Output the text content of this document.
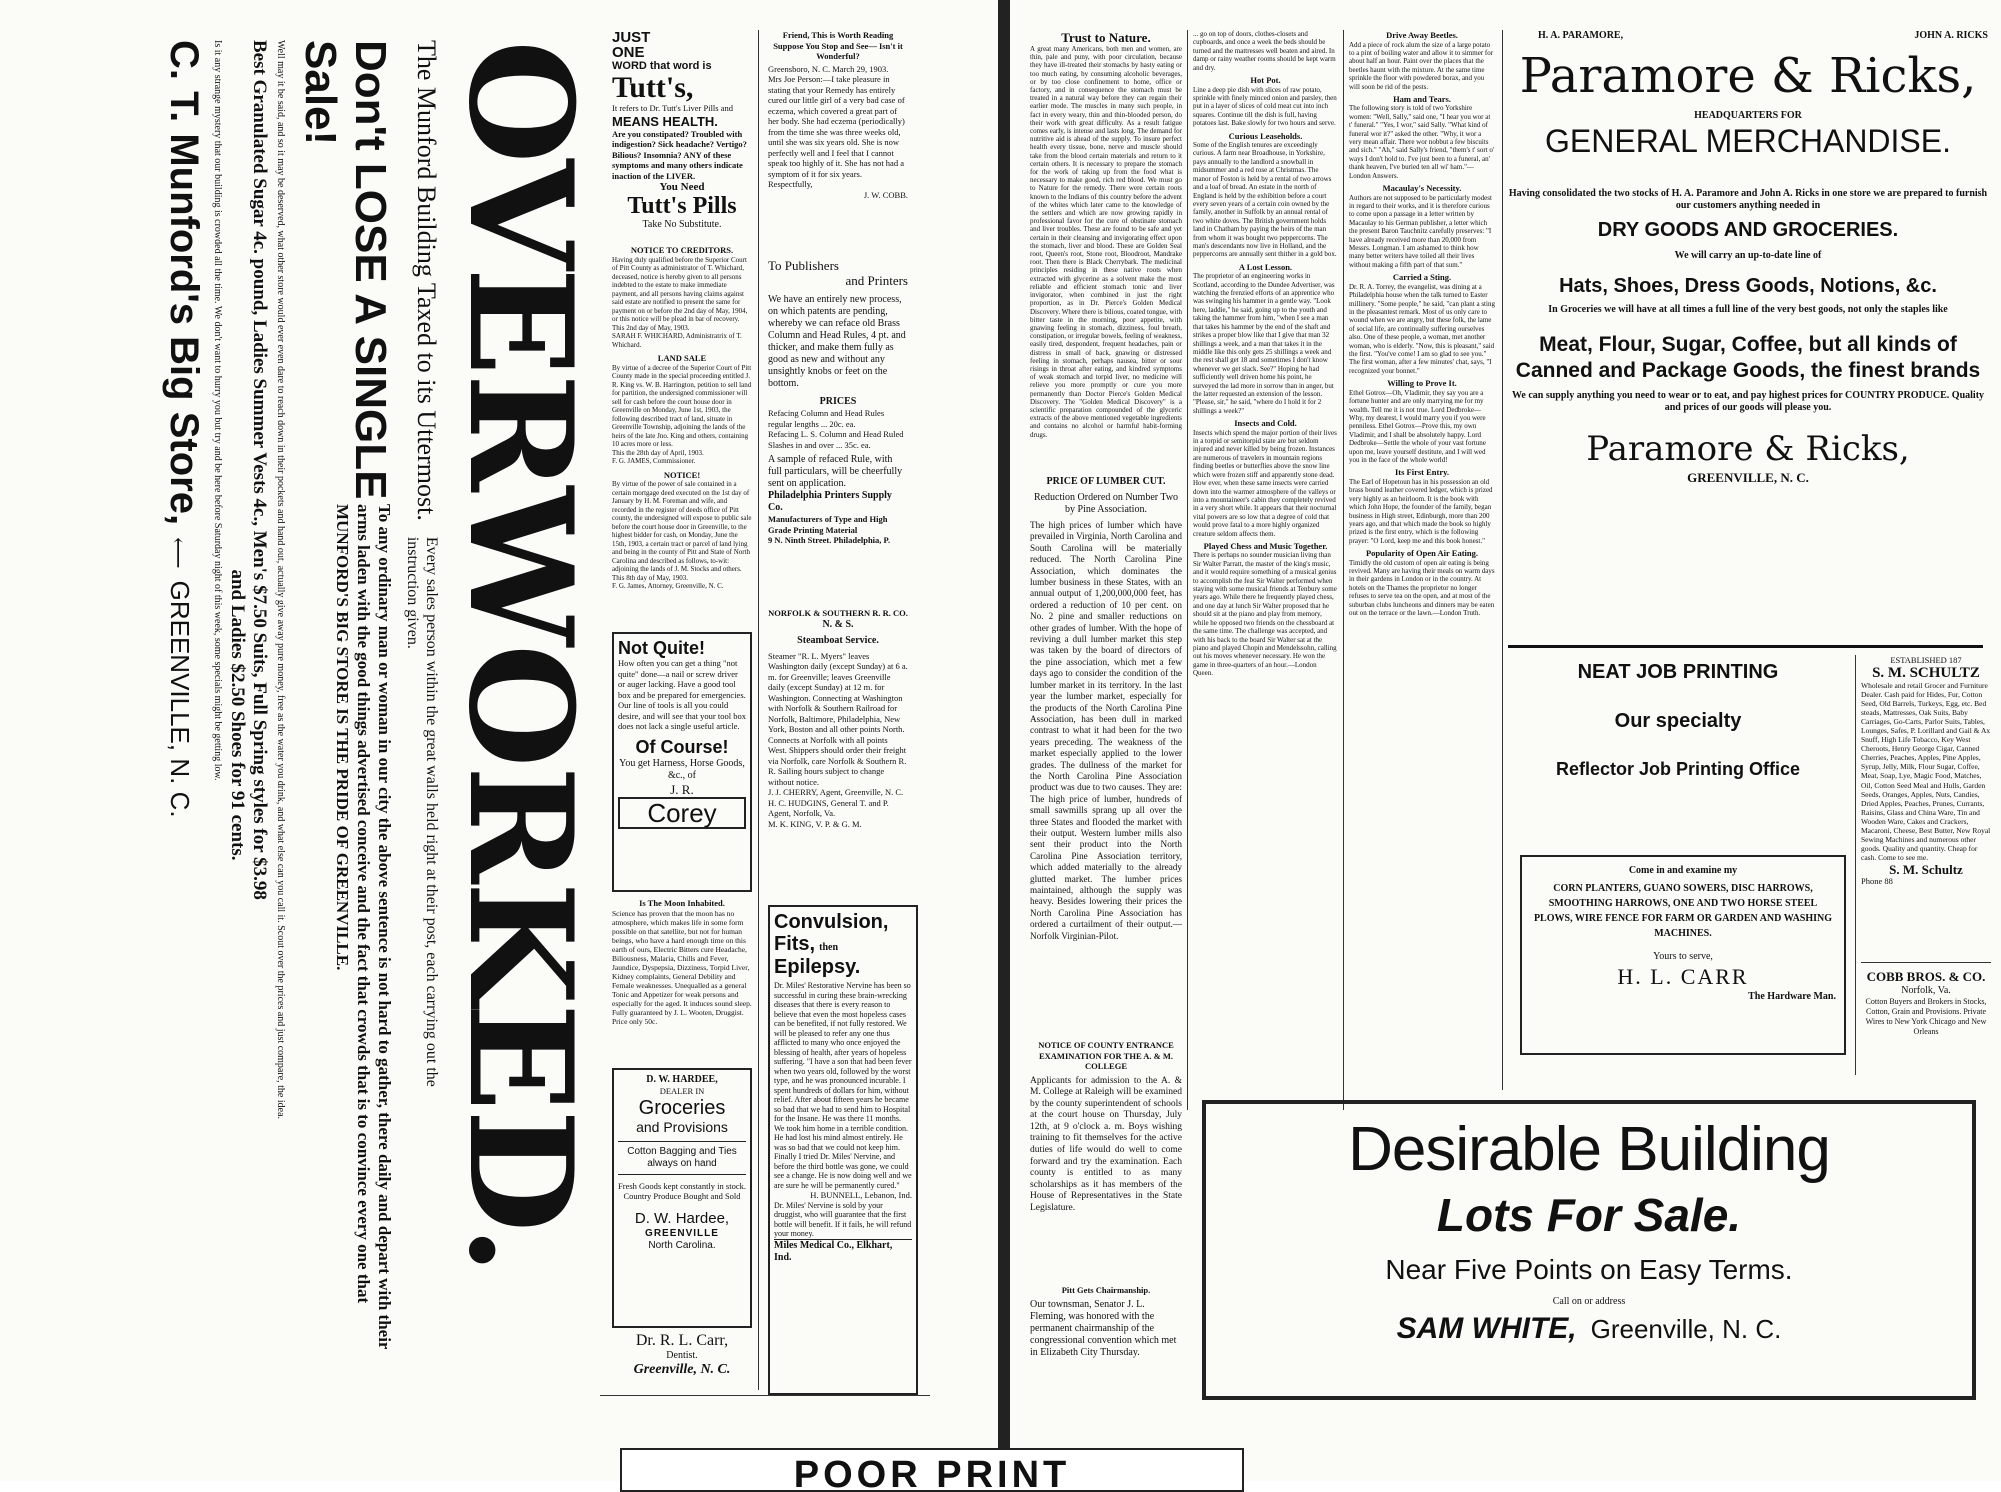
JUST
ONE
WORD that word is
Tutt's,
It refers to Dr. Tutt's Liver Pills and
MEANS HEALTH.
Are you constipated? Troubled with indigestion? Sick headache? Vertigo? Bilious? Insomnia? ANY of these symptoms and many others indicate inaction of the LIVER.
You Need
Tutt's Pills
Take No Substitute.
NOTICE TO CREDITORS.
Having duly qualified before the Superior Court of Pitt County as administrator of T. Whichard, deceased, notice is hereby given to all persons indebted to the estate to make immediate payment, and all persons having claims against said estate are notified to present the same for payment on or before the 2nd day of May, 1904, or this notice will be plead in bar of recovery. This 2nd day of May, 1903.
SARAH F. WHICHARD, Administratrix of T. Whichard.
LAND SALE
By virtue of a decree of the Superior Court of Pitt County made in the special proceeding entitled J. R. King vs. W. B. Harrington, petition to sell land for partition, the undersigned commissioner will sell for cash before the court house door in Greenville on Monday, June 1st, 1903, the following described tract of land, situate in Greenville Township, adjoining the lands of the heirs of the late Jno. King and others, containing 10 acres more or less.
This the 28th day of April, 1903.
F. G. JAMES, Commissioner.
NOTICE!
By virtue of the power of sale contained in a certain mortgage deed executed on the 1st day of January by H. M. Foreman and wife, and recorded in the register of deeds office of Pitt county, the undersigned will expose to public sale before the court house door in Greenville, to the highest bidder for cash, on Monday, June the 15th, 1903, a certain tract or parcel of land lying and being in the county of Pitt and State of North Carolina and described as follows, to-wit: adjoining the lands of J. M. Stocks and others. This 8th day of May, 1903.
F. G. James, Attorney, Greenville, N. C.
Not Quite!
How often you can get a thing "not quite" done—a nail or screw driver or auger lacking. Have a good tool box and be prepared for emergencies. Our line of tools is all you could desire, and will see that your tool box does not lack a single useful article.
Of Course!
You get Harness, Horse Goods, &c., of
J. R.
Corey
Is The Moon Inhabited.
Science has proven that the moon has no atmosphere, which makes life in some form possible on that satellite, but not for human beings, who have a hard enough time on this earth of ours, Electric Bitters cure Headache, Biliousness, Malaria, Chills and Fever, Jaundice, Dyspepsia, Dizziness, Torpid Liver, Kidney complaints, General Debility and Female weaknesses. Unequalled as a general Tonic and Appetizer for weak persons and especially for the aged. It induces sound sleep. Fully guaranteed by J. L. Wooten, Druggist. Price only 50c.
D. W. HARDEE,
DEALER IN
Groceries
and Provisions
Cotton Bagging and Ties always on hand
Fresh Goods kept constantly in stock. Country Produce Bought and Sold
D. W. Hardee,
GREENVILLE
North Carolina.
Dr. R. L. Carr,
Dentist.
Greenville, N. C.
Friend, This is Worth Reading Suppose You Stop and See— Isn't it Wonderful?
Greensboro, N. C. March 29, 1903.
Mrs Joe Person:—I take pleasure in stating that your Remedy has entirely cured our little girl of a very bad case of eczema, which covered a great part of her body. She had eczema (periodically) from the time she was three weeks old, until she was six years old. She is now perfectly well and I feel that I cannot speak too highly of it. She has not had a symptom of it for six years. Respectfully,
J. W. COBB.
To Publishers
and Printers
We have an entirely new process, on which patents are pending, whereby we can reface old Brass Column and Head Rules, 4 pt. and thicker, and make them fully as good as new and without any unsightly knobs or feet on the bottom.
PRICES
Refacing Column and Head Rules regular lengths ... 20c. ea.
Refacing L. S. Column and Head Ruled Slashes in and over ... 35c. ea.
A sample of refaced Rule, with full particulars, will be cheerfully sent on application.
Philadelphia Printers Supply Co.
Manufacturers of Type and High Grade Printing Material
9 N. Ninth Street. Philadelphia, P.
NORFOLK & SOUTHERN R. R. CO.
N. & S.
Steamboat Service.
Steamer "R. L. Myers" leaves Washington daily (except Sunday) at 6 a. m. for Greenville; leaves Greenville daily (except Sunday) at 12 m. for Washington. Connecting at Washington with Norfolk & Southern Railroad for Norfolk, Baltimore, Philadelphia, New York, Boston and all other points North. Connects at Norfolk with all points West. Shippers should order their freight via Norfolk, care Norfolk & Southern R. R. Sailing hours subject to change without notice.
J. J. CHERRY, Agent, Greenville, N. C.
H. C. HUDGINS, General T. and P. Agent, Norfolk, Va.
M. K. KING, V. P. & G. M.
Convulsion,
Fits, then
Epilepsy.
Dr. Miles' Restorative Nervine has been so successful in curing these brain-wrecking diseases that there is every reason to believe that even the most hopeless cases can be benefited, if not fully restored. We will be pleased to refer any one thus afflicted to many who once enjoyed the blessing of health, after years of hopeless suffering. "I have a son that had been fever when two years old, followed by the worst type, and he was pronounced incurable. I spent hundreds of dollars for him, without relief. After about fifteen years he became so bad that we had to send him to Hospital for the Insane. He was there 11 months. We took him home in a terrible condition. He had lost his mind almost entirely. He was so bad that we could not keep him. Finally I tried Dr. Miles' Nervine, and before the third bottle was gone, we could see a change. He is now doing well and we are sure he will be permanently cured."
H. BUNNELL, Lebanon, Ind.
Dr. Miles' Nervine is sold by your druggist, who will guarantee that the first bottle will benefit. If it fails, he will refund your money.
Miles Medical Co., Elkhart, Ind.
OVERWORKED.
The Munford Building Taxed to its Uttermost. Every sales person within the great walls held right at their post, each carrying out the instruction given.
Don't LOSE A SINGLE Sale! To any ordinary man or woman in our city the above sentence is not hard to gather, there daily and depart with their arms laden with the good things advertised conceive and the fact that crowds that is to convince every one that MUNFORD'S BIG STORE IS THE PRIDE OF GREENVILLE.
Well may it be said, and so it may be deserved, what other store would ever even dare to reach down in their pockets and hand out, actually give away pure money, free as the water you drink, and what else can you call it. Scout over the prices and just compare, the idea.
Best Granulated Sugar 4c. pound, Ladies Summer Vests 4c., Men's $7.50 Suits, Full Spring styles for $3.98
and Ladies $2.50 Shoes for 91 cents.
Is it any strange mystery that our building is crowded all the time. We don't want to hurry you but try and be here before Saturday night of this week, some specials might be getting low.
C. T. Munford's Big Store, ⟵ GREENVILLE, N. C.
Trust to Nature.
A great many Americans, both men and women, are thin, pale and puny, with poor circulation, because they have ill-treated their stomachs by hasty eating or too much eating, by consuming alcoholic beverages, or by too close confinement to home, office or factory, and in consequence the stomach must be treated in a natural way before they can regain their earlier mode. The muscles in many such people, in fact in every weary, thin and thin-blooded person, do their work with great difficulty. As a result fatigue comes early, is intense and lasts long. The demand for nutritive aid is ahead of the supply. To insure perfect health every tissue, bone, nerve and muscle should take from the blood certain materials and return to it certain others. It is necessary to prepare the stomach for the work of taking up from the food what is necessary to make good, rich red blood. We must go to Nature for the remedy. There were certain roots known to the Indians of this country before the advent of the whites which later came to the knowledge of the settlers and which are now growing rapidly in professional favor for the cure of obstinate stomach and liver troubles. These are found to be safe and yet certain in their cleansing and invigorating effect upon the stomach, liver and blood. These are Golden Seal root, Queen's root, Stone root, Bloodroot, Mandrake root. Then there is Black Cherrybark. The medicinal principles residing in these native roots when extracted with glycerine as a solvent make the most reliable and efficient stomach tonic and liver invigorator, when combined in just the right proportion, as in Dr. Pierce's Golden Medical Discovery. Where there is bilious, coated tongue, with bitter taste in the morning, poor appetite, with gnawing feeling in stomach, dizziness, foul breath, constipation, or irregular bowels, feeling of weakness, easily tired, despondent, frequent headaches, pain or distress in small of back, gnawing or distressed feeling in stomach, perhaps nausea, bitter or sour risings in throat after eating, and kindred symptoms of weak stomach and torpid liver, no medicine will relieve you more promptly or cure you more permanently than Doctor Pierce's Golden Medical Discovery. The "Golden Medical Discovery" is a scientific preparation compounded of the glyceric extracts of the above mentioned vegetable ingredients and contains no alcohol or harmful habit-forming drugs.
PRICE OF LUMBER CUT.
Reduction Ordered on Number Two by Pine Association.
The high prices of lumber which have prevailed in Virginia, North Carolina and South Carolina will be materially reduced. The North Carolina Pine Association, which dominates the lumber business in these States, with an annual output of 1,200,000,000 feet, has ordered a reduction of 10 per cent. on No. 2 pine and smaller reductions on other grades of lumber. With the hope of reviving a dull lumber market this step was taken by the board of directors of the pine association, which met a few days ago to consider the condition of the lumber market in its territory. In the last year the lumber market, especially for the products of the North Carolina Pine Association, has been dull in marked contrast to what it had been for the two years preceding. The weakness of the market especially applied to the lower grades. The dullness of the market for the North Carolina Pine Association product was due to two causes. They are: The high price of lumber, hundreds of small sawmills sprang up all over the three States and flooded the market with their output. Western lumber mills also sent their product into the North Carolina Pine Association territory, which added materially to the already glutted market. The lumber prices maintained, although the supply was heavy. Besides lowering their prices the North Carolina Pine Association has ordered a curtailment of their output.—Norfolk Virginian-Pilot.
NOTICE OF COUNTY ENTRANCE EXAMINATION FOR THE A. & M. COLLEGE
Applicants for admission to the A. & M. College at Raleigh will be examined by the county superintendent of schools at the court house on Thursday, July 12th, at 9 o'clock a. m. Boys wishing training to fit themselves for the active duties of life would do well to come forward and try the examination. Each county is entitled to as many scholarships as it has members of the House of Representatives in the State Legislature.
Pitt Gets Chairmanship.
Our townsman, Senator J. L. Fleming, was honored with the permanent chairmanship of the congressional convention which met in Elizabeth City Thursday.
... go on top of doors, clothes-closets and cupboards, and once a week the beds should be turned and the mattresses well beaten and aired. In damp or rainy weather rooms should be kept warm and dry.
Hot Pot.
Line a deep pie dish with slices of raw potato, sprinkle with finely minced onion and parsley, then put in a layer of slices of cold meat cut into inch squares. Continue till the dish is full, having potatoes last. Bake slowly for two hours and serve.
Curious Leaseholds.
Some of the English tenures are exceedingly curious. A farm near Broadhouse, in Yorkshire, pays annually to the landlord a snowball in midsummer and a red rose at Christmas. The manor of Foston is held by a rental of two arrows and a loaf of bread. An estate in the north of England is held by the exhibition before a court every seven years of a certain coin owned by the family, another in Suffolk by an annual rental of two white doves. The British government holds land in Chatham by paying the heirs of the man from whom it was bought two peppercorns. The man's descendants now live in Holland, and the peppercorns are annually sent thither in a gold box.
A Lost Lesson.
The proprietor of an engineering works in Scotland, according to the Dundee Advertiser, was watching the frenzied efforts of an apprentice who was swinging his hammer in a gentle way. "Look here, laddie," he said, going up to the youth and taking the hammer from him, "when I see a man that takes his hammer by the end of the shaft and strikes a proper blow like that I give that man 32 shillings a week, and a man that takes it in the middle like this only gets 25 shillings a week and the rest shall get 18 and sometimes I don't know whenever we get slack. See?" Hoping he had sufficiently well driven home his point, he surveyed the lad more in sorrow than in anger, but the latter requested an extension of the lesson. "Please, sir," he said, "where do I hold it for 2 shillings a week?"
Insects and Cold.
Insects which spend the major portion of their lives in a torpid or semitorpid state are but seldom injured and never killed by being frozen. Instances are numerous of travelers in mountain regions finding beetles or butterflies above the snow line which were frozen stiff and apparently stone dead. How ever, when these same insects were carried down into the warmer atmosphere of the valleys or into a mountaineer's cabin they completely revived in a very short while. It appears that their nocturnal vital powers are so low that a degree of cold that would prove fatal to a more highly organized creature seldom affects them.
Played Chess and Music Together.
There is perhaps no sounder musician living than Sir Walter Parratt, the master of the king's music, and it would require something of a musical genius to accomplish the feat Sir Walter performed when staying with some musical friends at Tenbury some years ago. While there he frequently played chess, and one day at lunch Sir Walter proposed that he should sit at the piano and play from memory, while he opposed two friends on the chessboard at the same time. The challenge was accepted, and with his back to the board Sir Walter sat at the piano and played Chopin and Mendelssohn, calling out his moves whenever necessary. He won the game in three-quarters of an hour.—London Queen.
Drive Away Beetles.
Add a piece of rock alum the size of a large potato to a pint of boiling water and allow it to simmer for about half an hour. Paint over the places that the beetles haunt with the mixture. At the same time sprinkle the floor with powdered borax, and you will soon be rid of the pests.
Ham and Tears.
The following story is told of two Yorkshire women: "Well, Sally," said one, "I hear you wor at t' funeral." "Yes, I wor," said Sally. "What kind of funeral wor it?" asked the other. "Why, it wor a very mean affair. There wor nobbut a few biscuits and sich." "Ah," said Sally's friend, "them's t' sort o' ways I don't hold to. I've just been to a funeral, an' thank heaven, I've buried ten all wi' ham."—London Answers.
Macaulay's Necessity.
Authors are not supposed to be particularly modest in regard to their works, and it is therefore curious to come upon a passage in a letter written by Macaulay to his German publisher, a letter which the present Baron Tauchnitz carefully preserves: "I have already received more than 20,000 from Messrs. Longman. I am ashamed to think how many better writers have toiled all their lives without making a fifth part of that sum."
Carried a Sting.
Dr. R. A. Torrey, the evangelist, was dining at a Philadelphia house when the talk turned to Easter millinery. "Some people," he said, "can plant a sting in the pleasantest remark. Most of us only care to wound when we are angry, but these folk, the lame of social life, are continually suffering ourselves also. One of these people, a woman, met another woman, who is elderly. "Now, this is pleasant," said the first. "You've come! I am so glad to see you." The first woman, after a few minutes' chat, says, "I recognized your bonnet."
Willing to Prove It.
Ethel Gotrox—Oh, Vladimir, they say you are a fortune hunter and are only marrying me for my wealth. Tell me it is not true. Lord Dedbroke—Why, my dearest, I would marry you if you were penniless. Ethel Gotrox—Prove this, my own Vladimir, and I shall be absolutely happy. Lord Dedbroke—Settle the whole of your vast fortune upon me, leave yourself destitute, and I will wed you in the face of the whole world!
Its First Entry.
The Earl of Hopetoun has in his possession an old brass bound leather covered ledger, which is prized very highly as an heirloom. It is the book with which John Hope, the founder of the family, began business in High street, Edinburgh, more than 200 years ago, and that which made the book so highly prized is the first entry, which is the following prayer: "O Lord, keep me and this book honest."
Popularity of Open Air Eating.
Timidly the old custom of open air eating is being revived. Many are having their meals on warm days in their gardens in London or in the country. At hotels on the Thames the proprietor no longer refuses to serve tea on the open, and at most of the suburban clubs luncheons and dinners may be eaten out on the terrace or the lawn.—London Truth.
H. A. PARAMORE,	JOHN A. RICKS
Paramore & Ricks,
HEADQUARTERS FOR
GENERAL MERCHANDISE.
Having consolidated the two stocks of H. A. Paramore and John A. Ricks in one store we are prepared to furnish our customers anything needed in
DRY GOODS AND GROCERIES.
We will carry an up-to-date line of
Hats, Shoes, Dress Goods, Notions, &c.
In Groceries we will have at all times a full line of the very best goods, not only the staples like
Meat, Flour, Sugar, Coffee, but all kinds of Canned and Package Goods, the finest brands
We can supply anything you need to wear or to eat, and pay highest prices for COUNTRY PRODUCE. Quality and prices of our goods will please you.
Paramore & Ricks,
GREENVILLE, N. C.
NEAT JOB PRINTING
Our specialty
Reflector Job Printing Office
Come in and examine my
CORN PLANTERS, GUANO SOWERS, DISC HARROWS, SMOOTHING HARROWS, ONE AND TWO HORSE STEEL PLOWS, WIRE FENCE FOR FARM OR GARDEN AND WASHING MACHINES.
Yours to serve,
H. L. CARR
The Hardware Man.
ESTABLISHED 187
S. M. SCHULTZ
Wholesale and retail Grocer and Furniture Dealer. Cash paid for Hides, Fur, Cotton Seed, Old Barrels, Turkeys, Egg, etc. Bed steads, Mattresses, Oak Suits, Baby Carriages, Go-Carts, Parlor Suits, Tables, Lounges, Safes, P. Lorillard and Gail & Ax Snuff, High Life Tobacco, Key West Cheroots, Henry George Cigar, Canned Cherries, Peaches, Apples, Pine Apples, Syrup, Jelly, Milk, Flour Sugar, Coffee, Meat, Soap, Lye, Magic Food, Matches, Oil, Cotton Seed Meal and Hulls, Garden Seeds, Oranges, Apples, Nuts, Candies, Dried Apples, Peaches, Prunes, Currants, Raisins, Glass and China Ware, Tin and Wooden Ware, Cakes and Crackers, Macaroni, Cheese, Best Butter, New Royal Sewing Machines and numerous other goods. Quality and quantity. Cheap for cash. Come to see me.
S. M. Schultz
Phone 88
COBB BROS. & CO.
Norfolk, Va.
Cotton Buyers and Brokers in Stocks, Cotton, Grain and Provisions. Private Wires to New York Chicago and New Orleans
Desirable Building
Lots For Sale.
Near Five Points on Easy Terms.
Call on or address
SAM WHITE, Greenville, N. C.
POOR PRINT
